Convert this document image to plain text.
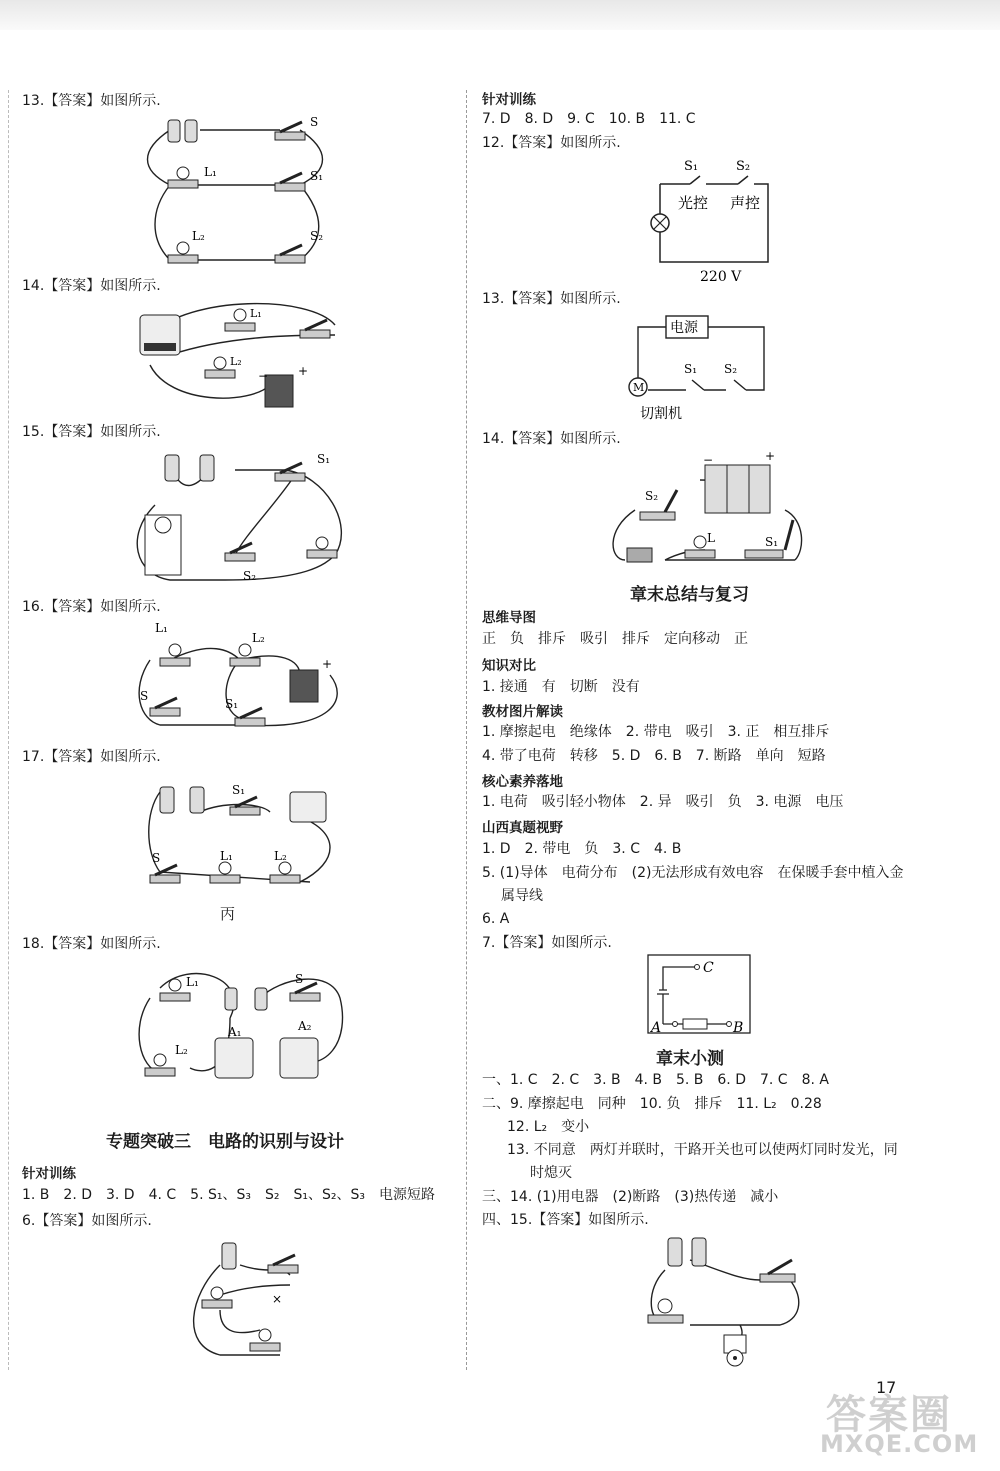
13.【答案】如图所示.
S
L₁	S₁
L₂	S₂
14.【答案】如图所示.
L₁
L₂
+
−
15.【答案】如图所示.
S₁
S₂
16.【答案】如图所示.
L₁
L₂
S
S₁
+
17.【答案】如图所示.
S₁
S	L₁	L₂
丙
18.【答案】如图所示.
L₁	S
L₂
A₁	A₂
专题突破三　电路的识别与设计
针对训练
1. B　2. D　3. D　4. C　5. S₁、S₃　S₂　S₁、S₂、S₃　电源短路
6.【答案】如图所示.
×
针对训练
7. D　8. D　9. C　10. B　11. C
12.【答案】如图所示.
S₁	S₂
光控 声控
220 V
13.【答案】如图所示.
M
电源
S₁ S₂
切割机
14.【答案】如图所示.
S₂
L	S₁
−	+
章末总结与复习
思维导图
正　负　排斥　吸引　排斥　定向移动　正
知识对比
1. 接通　有　切断　没有
教材图片解读
1. 摩擦起电　绝缘体　2. 带电　吸引　3. 正　相互排斥
4. 带了电荷　转移　5. D　6. B　7. 断路　单向　短路
核心素养落地
1. 电荷　吸引轻小物体　2. 异　吸引　负　3. 电源　电压
山西真题视野
1. D　2. 带电　负　3. C　4. B
5. (1)导体　电荷分布　(2)无法形成有效电容　在保暖手套中植入金
属导线
6. A
7.【答案】如图所示.
C
A	B
章末小测
一、1. C　2. C　3. B　4. B　5. B　6. D　7. C　8. A
二、9. 摩擦起电　同种　10. 负　排斥　11. L₂　0.28
12. L₂　变小
13. 不同意　两灯并联时，干路开关也可以使两灯同时发光，同
时熄灭
三、14. (1)用电器　(2)断路　(3)热传递　减小
四、15.【答案】如图所示.
17
答案圈
MXQE.COM
